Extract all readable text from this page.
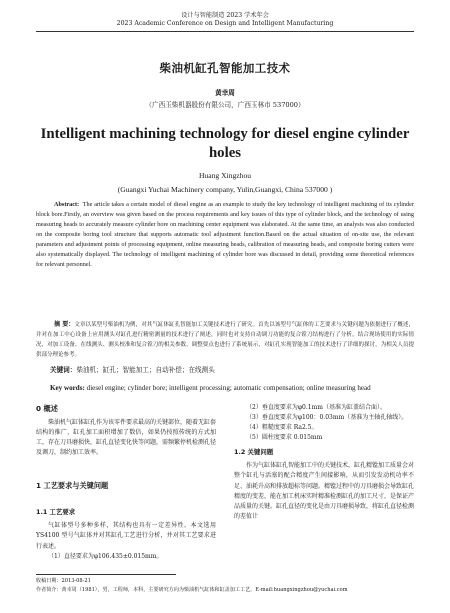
设计与智能制造 2023 学术年会
2023 Academic Conference on Design and Intelligent Manufacturing
柴油机缸孔智能加工技术
黄幸周
（广西玉柴机器股份有限公司，广西玉林市 537000）
Intelligent machining technology for diesel engine cylinder holes
Huang Xingzhou
(Guangxi Yuchai Machinery company, Yulin,Guangxi, China 537000 )
Abstract: The article takes a certain model of diesel engine as an example to study the key technology of intelligent machining of its cylinder block bore.Firstly, an overview was given based on the process requirements and key issues of this type of cylinder block, and the technology of using measuring heads to accurately measure cylinder bore on machining center equipment was elaborated. At the same time, an analysis was also conducted on the composite boring tool structure that supports automatic tool adjustment function.Based on the actual situation of on-site use, the relevant parameters and adjustment points of processing equipment, online measuring heads, calibration of measuring heads, and composite boring cutters were also systematically displayed. The technology of intelligent machining of cylinder bore was discussed in detail, providing some theoretical references for relevant personnel.
摘 要：文章以某型号柴油机为例，对其气缸体缸孔智能加工关键技术进行了研究。首先以该型号气缸体的工艺要求与关键问题为依据进行了概述，并对在加工中心设备上应用测头对缸孔进行精密测量的技术进行了阐述，同时也对支持自动调刀功能的复合镗刀结构进行了分析。结合现场使用的实际情况，对加工设备、在线测头、测头校准和复合镗刀的相关参数、调整要点也进行了系统展示，对缸孔实现智能加工的技术进行了详细的探讨，为相关人员提供部分理论参考。
关键词：柴油机；缸孔；智能加工；自动补偿；在线测头
Key words: diesel engine; cylinder bore; intelligent processing; automatic compensation; online measuring head
0 概述

柴油机气缸体缸孔作为该零件要求最高的关键部位，随着无缸套结构的推广，缸孔加工面积增加了数倍，如果仍按照传统的方式加工，存在刀具磨损快，缸孔直径变化快等问题，需频繁停机检测孔径及调刀，制约加工效率。

1 工艺要求与关键问题
1.1 工艺要求

气缸体型号多种多样，其结构也具有一定差异性。本文选用 YS4100 型号气缸体并对其缸孔工艺进行分析，并对其工艺要求进行表述。

（1）直径要求为φ106.435±0.015mm。

（2）垂直度要求为φ0.1mm（基准为缸盖结合面）。

（3）垂直度要求为φ100：0.03mm（基准为主轴孔轴线）。

（4）粗糙度要求 Ra2.5。

（5）圆柱度要求 0.015mm

1.2 关键问题

作为气缸体缸孔智能加工中的关键技术，缸孔精镗加工质量会对整个缸孔与活塞的配合精度产生间接影响，从而引发发动机功率不足、油耗升高和排放超标等问题。精镗过程中的刀具磨损会导致缸孔精度的变差，能在加工机床实时精准检测缸孔的加工尺寸，是保证产品质量的关键。缸孔直径的变化是由刀具磨损导致，将缸孔直径检测的差值计

收稿日期：2013-08-21
作者简介：黄幸周（1981），男，工程师，本科，主要研究方向为柴油机气缸体和缸盖加工工艺，E-mail:huangxingzhou@yuchai.com
